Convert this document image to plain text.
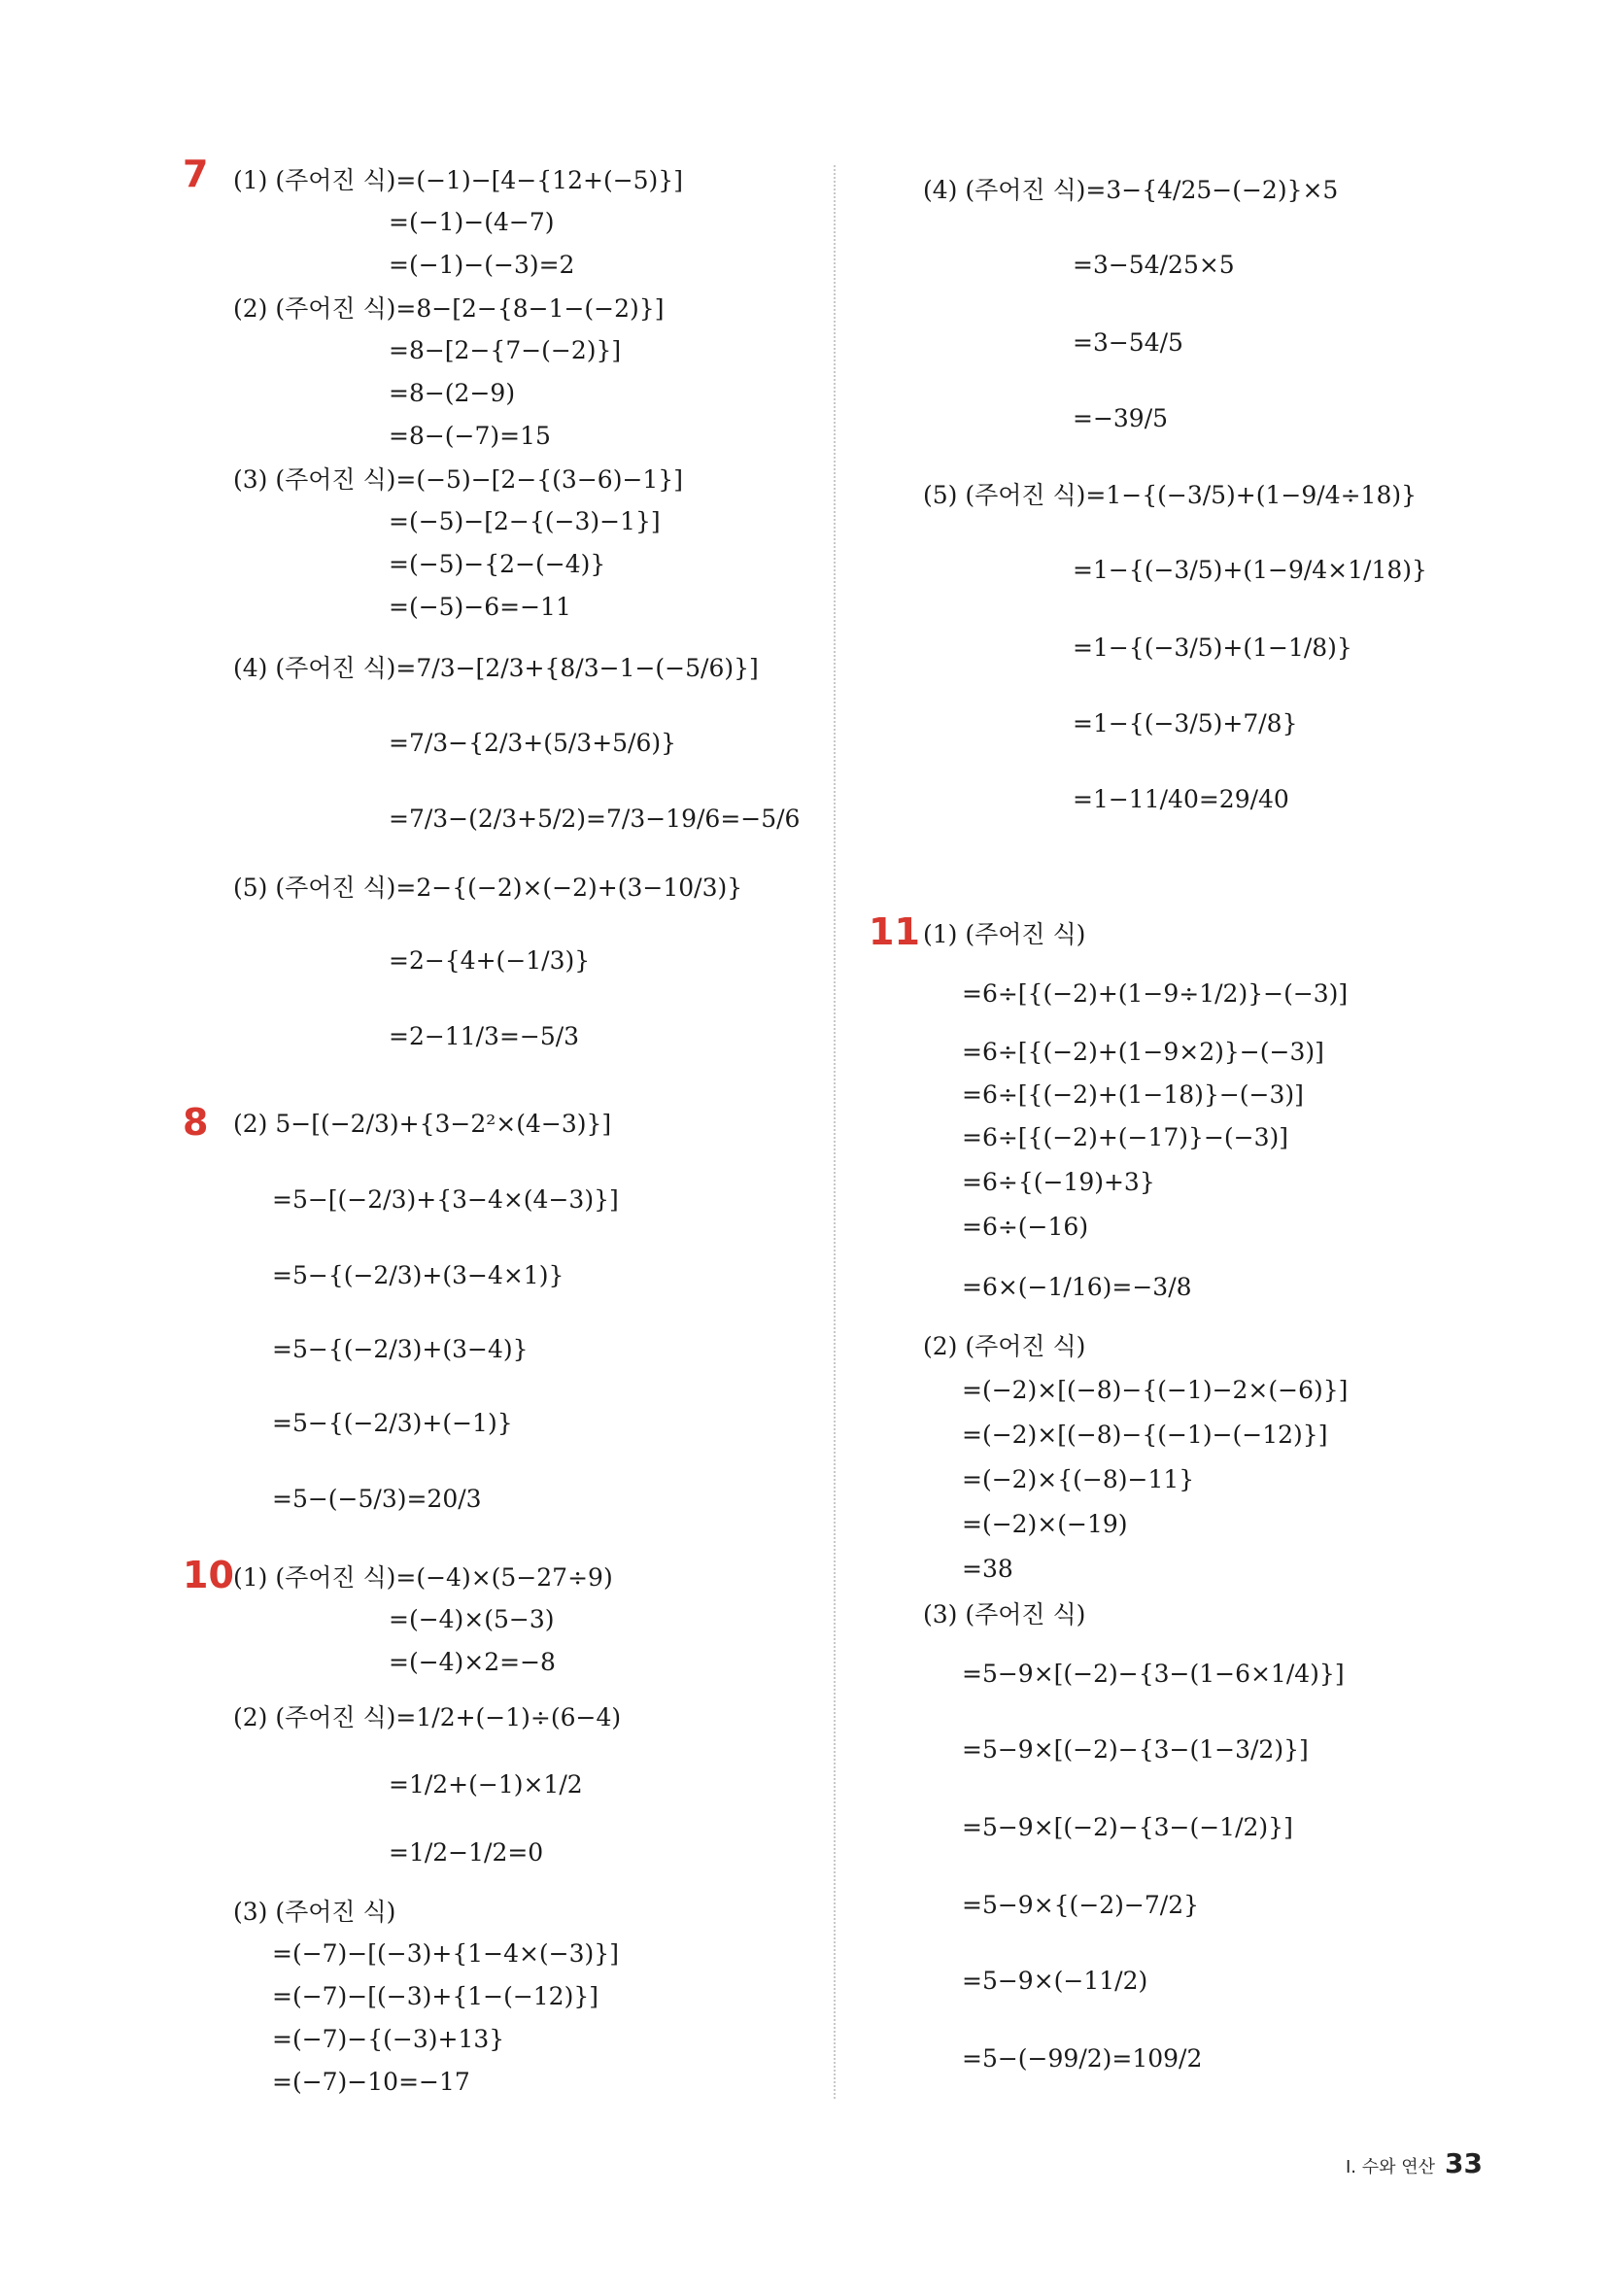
7 (1) (주어진 식)=(−1)−[4−{12+(−5)}]
=(−1)−(4−7)
=(−1)−(−3)=2
(2) (주어진 식)=8−[2−{8−1−(−2)}]
=8−[2−{7−(−2)}]
=8−(2−9)
=8−(−7)=15
(3) (주어진 식)=(−5)−[2−{(3−6)−1}]
=(−5)−[2−{(−3)−1}]
=(−5)−{2−(−4)}
=(−5)−6=−11
(4) (주어진 식)=7/3−[2/3+{8/3−1−(−5/6)}]
=7/3−{2/3+(5/3+5/6)}
=7/3−(2/3+5/2)=7/3−19/6=−5/6
(5) (주어진 식)=2−{(−2)×(−2)+(3−10/3)}
=2−{4+(−1/3)}
=2−11/3=−5/3
8 (2) 5−[(−2/3)+{3−2²×(4−3)}]
=5−[(−2/3)+{3−4×(4−3)}]
=5−{(−2/3)+(3−4×1)}
=5−{(−2/3)+(3−4)}
=5−{(−2/3)+(−1)}
=5−(−5/3)=20/3
10 (1) (주어진 식)=(−4)×(5−27÷9)
=(−4)×(5−3)
=(−4)×2=−8
(2) (주어진 식)=1/2+(−1)÷(6−4)
=1/2+(−1)×1/2
=1/2−1/2=0
(3) (주어진 식)
=(−7)−[(−3)+{1−4×(−3)}]
=(−7)−[(−3)+{1−(−12)}]
=(−7)−{(−3)+13}
=(−7)−10=−17
(4) (주어진 식)=3−{4/25−(−2)}×5
=3−54/25×5
=3−54/5
=−39/5
(5) (주어진 식)=1−{(−3/5)+(1−9/4÷18)}
=1−{(−3/5)+(1−9/4×1/18)}
=1−{(−3/5)+(1−1/8)}
=1−{(−3/5)+7/8}
=1−11/40=29/40
11 (1) (주어진 식)
=6÷[{(−2)+(1−9÷1/2)}−(−3)]
=6÷[{(−2)+(1−9×2)}−(−3)]
=6÷[{(−2)+(1−18)}−(−3)]
=6÷[{(−2)+(−17)}−(−3)]
=6÷{(−19)+3}
=6÷(−16)
=6×(−1/16)=−3/8
(2) (주어진 식)
=(−2)×[(−8)−{(−1)−2×(−6)}]
=(−2)×[(−8)−{(−1)−(−12)}]
=(−2)×{(−8)−11}
=(−2)×(−19)
=38
(3) (주어진 식)
=5−9×[(−2)−{3−(1−6×1/4)}]
=5−9×[(−2)−{3−(1−3/2)}]
=5−9×[(−2)−{3−(−1/2)}]
=5−9×{(−2)−7/2}
=5−9×(−11/2)
=5−(−99/2)=109/2
I. 수와 연산 33
